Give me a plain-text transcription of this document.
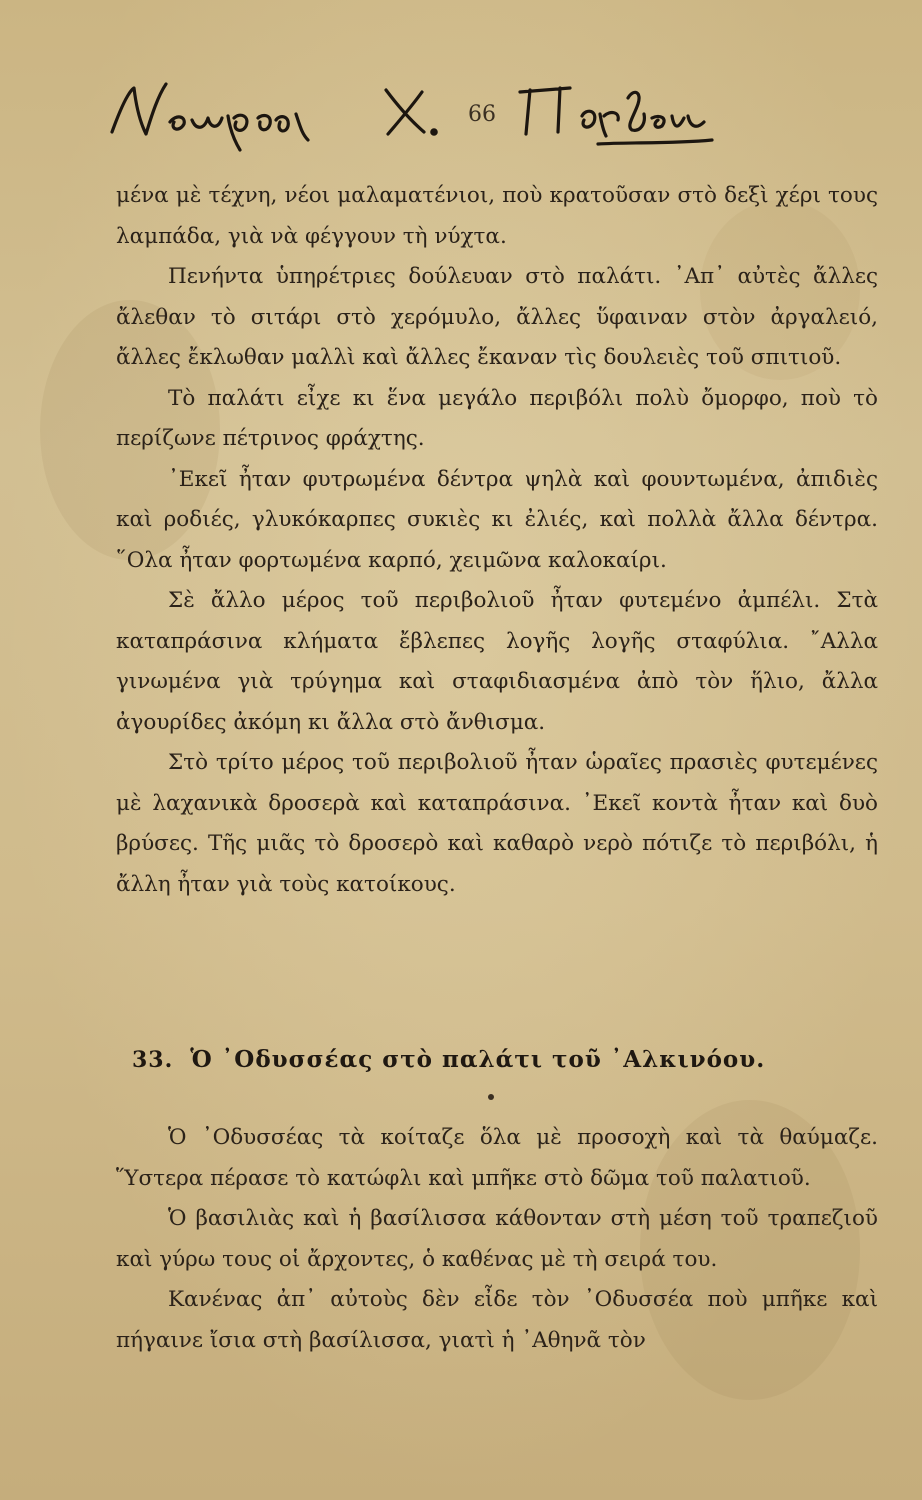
66

μένα μὲ τέχνη, νέοι μαλαματένιοι, ποὺ κρατοῦσαν στὸ δεξὶ χέρι τους λαμπάδα, γιὰ νὰ φέγγουν τὴ νύχτα.

Πενήντα ὑπηρέτριες δούλευαν στὸ παλάτι. ᾿Απ᾿ αὐτὲς ἄλλες ἄλεθαν τὸ σιτάρι στὸ χερόμυλο, ἄλλες ὕφαιναν στὸν ἀργαλειό, ἄλλες ἔκλωθαν μαλλὶ καὶ ἄλλες ἔκαναν τὶς δουλειὲς τοῦ σπιτιοῦ.

Τὸ παλάτι εἶχε κι ἕνα μεγάλο περιβόλι πολὺ ὄμορφο, ποὺ τὸ περίζωνε πέτρινος φράχτης.

᾿Εκεῖ ἦταν φυτρωμένα δέντρα ψηλὰ καὶ φουντωμένα, ἀπιδιὲς καὶ ροδιές, γλυκόκαρπες συκιὲς κι ἐλιές, καὶ πολλὰ ἄλλα δέντρα. ῞Ολα ἦταν φορτωμένα καρπό, χειμῶνα καλοκαίρι.

Σὲ ἄλλο μέρος τοῦ περιβολιοῦ ἦταν φυτεμένο ἀμπέλι. Στὰ καταπράσινα κλήματα ἔβλεπες λογῆς λογῆς σταφύλια. ῎Αλλα γινωμένα γιὰ τρύγημα καὶ σταφιδιασμένα ἀπὸ τὸν ἥλιο, ἄλλα ἀγουρίδες ἀκόμη κι ἄλλα στὸ ἄνθισμα.

Στὸ τρίτο μέρος τοῦ περιβολιοῦ ἦταν ὡραῖες πρασιὲς φυτεμένες μὲ λαχανικὰ δροσερὰ καὶ καταπράσινα. ᾿Εκεῖ κοντὰ ἦταν καὶ δυὸ βρύσες. Τῆς μιᾶς τὸ δροσερὸ καὶ καθαρὸ νερὸ πότιζε τὸ περιβόλι, ἡ ἄλλη ἦταν γιὰ τοὺς κατοίκους.

33. Ὁ ᾿Οδυσσέας στὸ παλάτι τοῦ ᾿Αλκινόου.

Ὁ ᾿Οδυσσέας τὰ κοίταζε ὅλα μὲ προσοχὴ καὶ τὰ θαύμαζε. Ὕστερα πέρασε τὸ κατώφλι καὶ μπῆκε στὸ δῶμα τοῦ παλατιοῦ.

Ὁ βασιλιὰς καὶ ἡ βασίλισσα κάθονταν στὴ μέση τοῦ τραπεζιοῦ καὶ γύρω τους οἱ ἄρχοντες, ὁ καθένας μὲ τὴ σειρά του.

Κανένας ἀπ᾿ αὐτοὺς δὲν εἶδε τὸν ᾿Οδυσσέα ποὺ μπῆκε καὶ πήγαινε ἴσια στὴ βασίλισσα, γιατὶ ἡ ᾿Αθηνᾶ τὸν
